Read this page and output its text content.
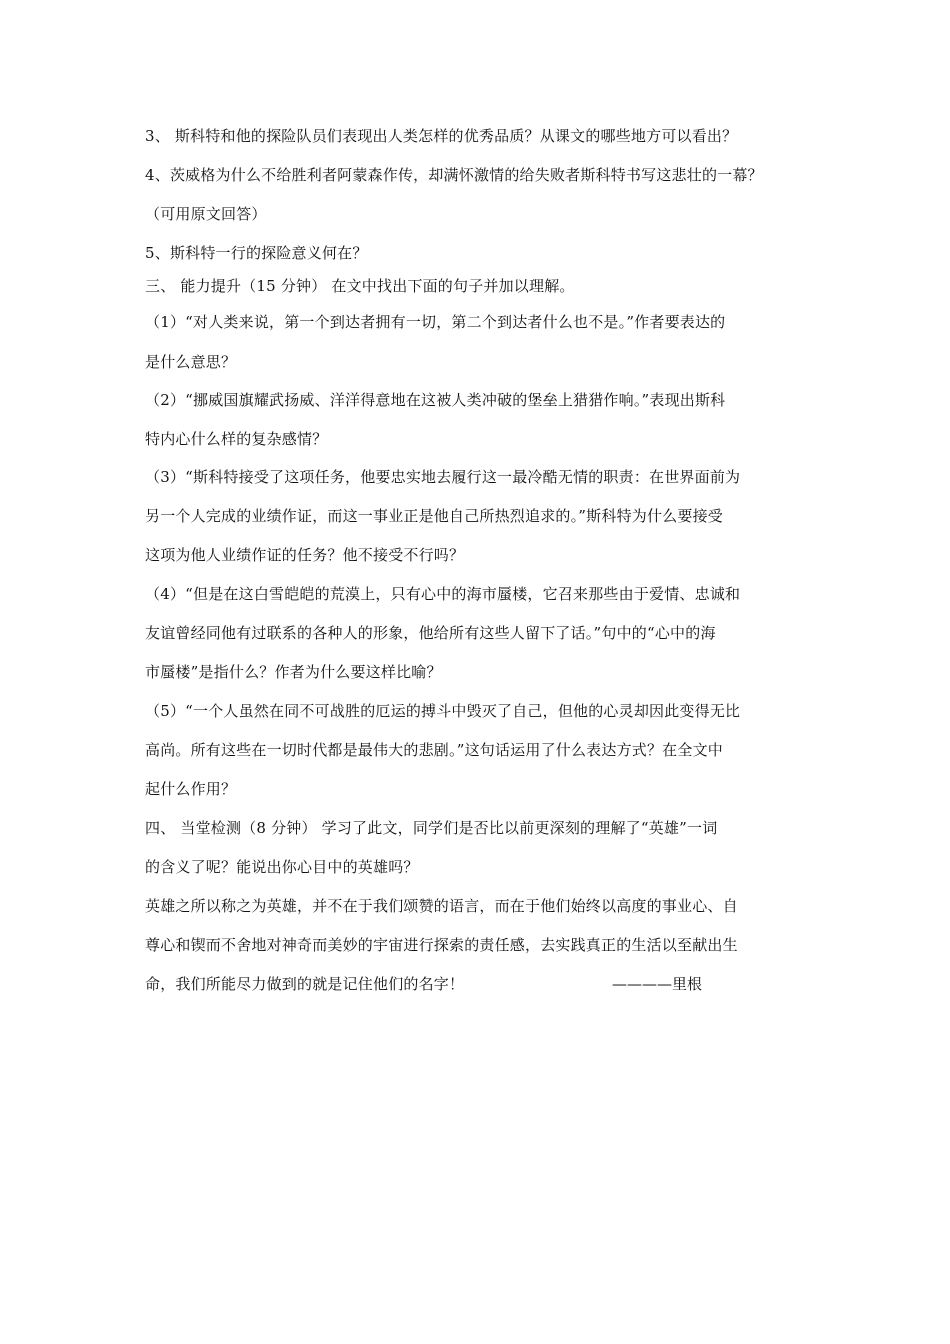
3、 斯科特和他的探险队员们表现出人类怎样的优秀品质？从课文的哪些地方可以看出？
4、茨威格为什么不给胜利者阿蒙森作传，却满怀激情的给失败者斯科特书写这悲壮的一幕？
（可用原文回答）
5、斯科特一行的探险意义何在？
三、 能力提升（15 分钟） 在文中找出下面的句子并加以理解。
（1）“对人类来说，第一个到达者拥有一切，第二个到达者什么也不是。”作者要表达的
是什么意思？
（2）“挪威国旗耀武扬威、洋洋得意地在这被人类冲破的堡垒上猎猎作响。”表现出斯科
特内心什么样的复杂感情？
（3）“斯科特接受了这项任务，他要忠实地去履行这一最冷酷无情的职责：在世界面前为
另一个人完成的业绩作证，而这一事业正是他自己所热烈追求的。”斯科特为什么要接受
这项为他人业绩作证的任务？他不接受不行吗？
（4）“但是在这白雪皑皑的荒漠上，只有心中的海市蜃楼，它召来那些由于爱情、忠诚和
友谊曾经同他有过联系的各种人的形象，他给所有这些人留下了话。”句中的“心中的海
市蜃楼”是指什么？作者为什么要这样比喻？
（5）“一个人虽然在同不可战胜的厄运的搏斗中毁灭了自己，但他的心灵却因此变得无比
高尚。所有这些在一切时代都是最伟大的悲剧。”这句话运用了什么表达方式？在全文中
起什么作用？
四、 当堂检测（8 分钟） 学习了此文，同学们是否比以前更深刻的理解了“英雄”一词
的含义了呢？能说出你心目中的英雄吗？
英雄之所以称之为英雄，并不在于我们颂赞的语言，而在于他们始终以高度的事业心、自
尊心和锲而不舍地对神奇而美妙的宇宙进行探索的责任感，去实践真正的生活以至献出生
命，我们所能尽力做到的就是记住他们的名字！	————里根
